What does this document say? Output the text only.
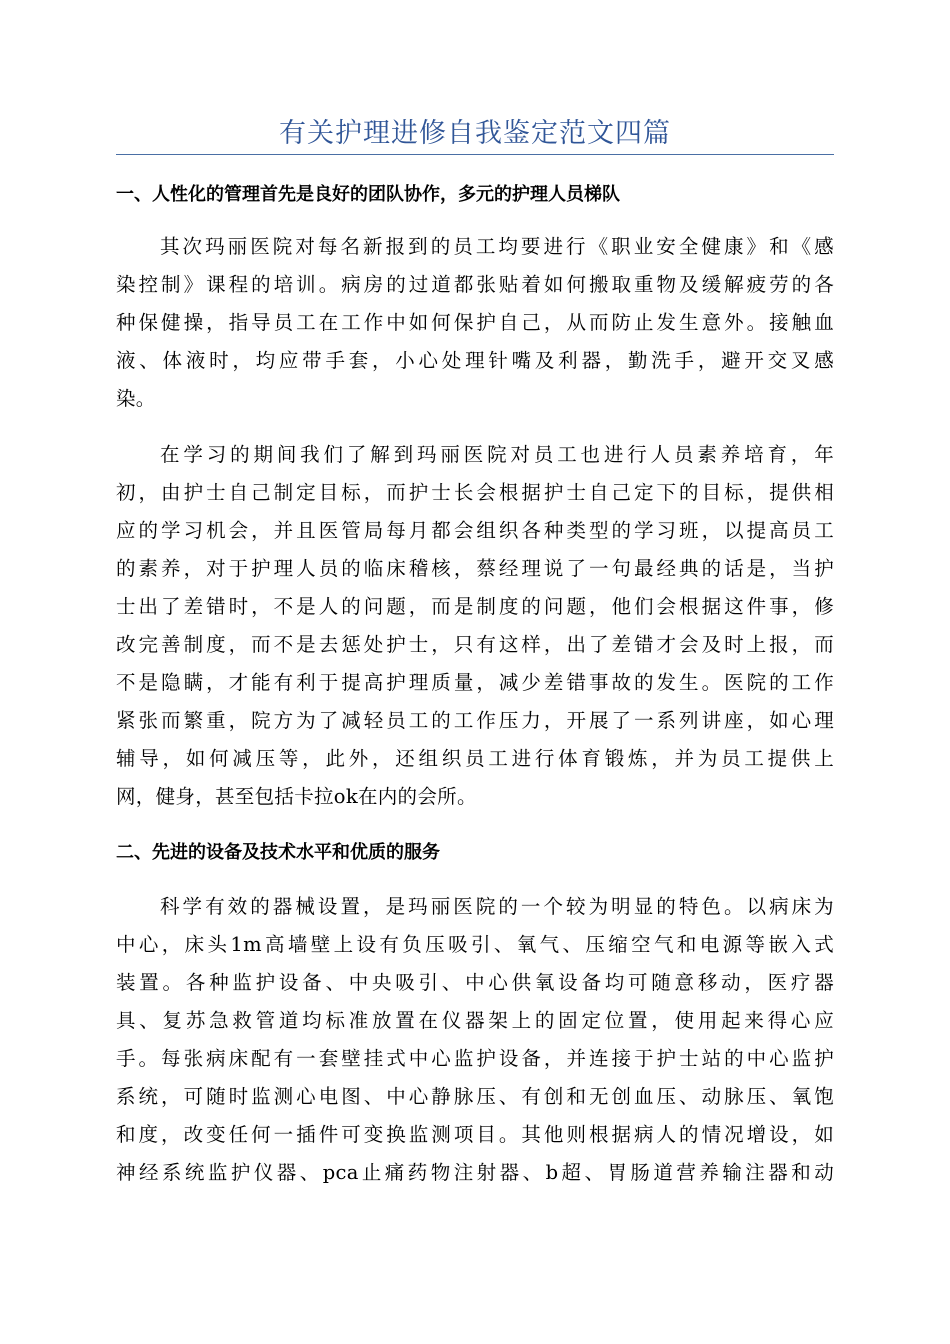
有关护理进修自我鉴定范文四篇
一、人性化的管理首先是良好的团队协作，多元的护理人员梯队
其次玛丽医院对每名新报到的员工均要进行《职业安全健康》和《感
染控制》课程的培训。病房的过道都张贴着如何搬取重物及缓解疲劳的各
种保健操，指导员工在工作中如何保护自己，从而防止发生意外。接触血
液、体液时，均应带手套，小心处理针嘴及利器，勤洗手，避开交叉感
染。
在学习的期间我们了解到玛丽医院对员工也进行人员素养培育，年
初，由护士自己制定目标，而护士长会根据护士自己定下的目标，提供相
应的学习机会，并且医管局每月都会组织各种类型的学习班，以提高员工
的素养，对于护理人员的临床稽核，蔡经理说了一句最经典的话是，当护
士出了差错时，不是人的问题，而是制度的问题，他们会根据这件事，修
改完善制度，而不是去惩处护士，只有这样，出了差错才会及时上报，而
不是隐瞒，才能有利于提高护理质量，减少差错事故的发生。医院的工作
紧张而繁重，院方为了减轻员工的工作压力，开展了一系列讲座，如心理
辅导，如何减压等，此外，还组织员工进行体育锻炼，并为员工提供上
网，健身，甚至包括卡拉ok在内的会所。
二、先进的设备及技术水平和优质的服务
科学有效的器械设置，是玛丽医院的一个较为明显的特色。以病床为
中心，床头1m高墙壁上设有负压吸引、氧气、压缩空气和电源等嵌入式
装置。各种监护设备、中央吸引、中心供氧设备均可随意移动，医疗器
具、复苏急救管道均标准放置在仪器架上的固定位置，使用起来得心应
手。每张病床配有一套壁挂式中心监护设备，并连接于护士站的中心监护
系统，可随时监测心电图、中心静脉压、有创和无创血压、动脉压、氧饱
和度，改变任何一插件可变换监测项目。其他则根据病人的情况增设，如
神经系统监护仪器、pca止痛药物注射器、b超、胃肠道营养输注器和动
